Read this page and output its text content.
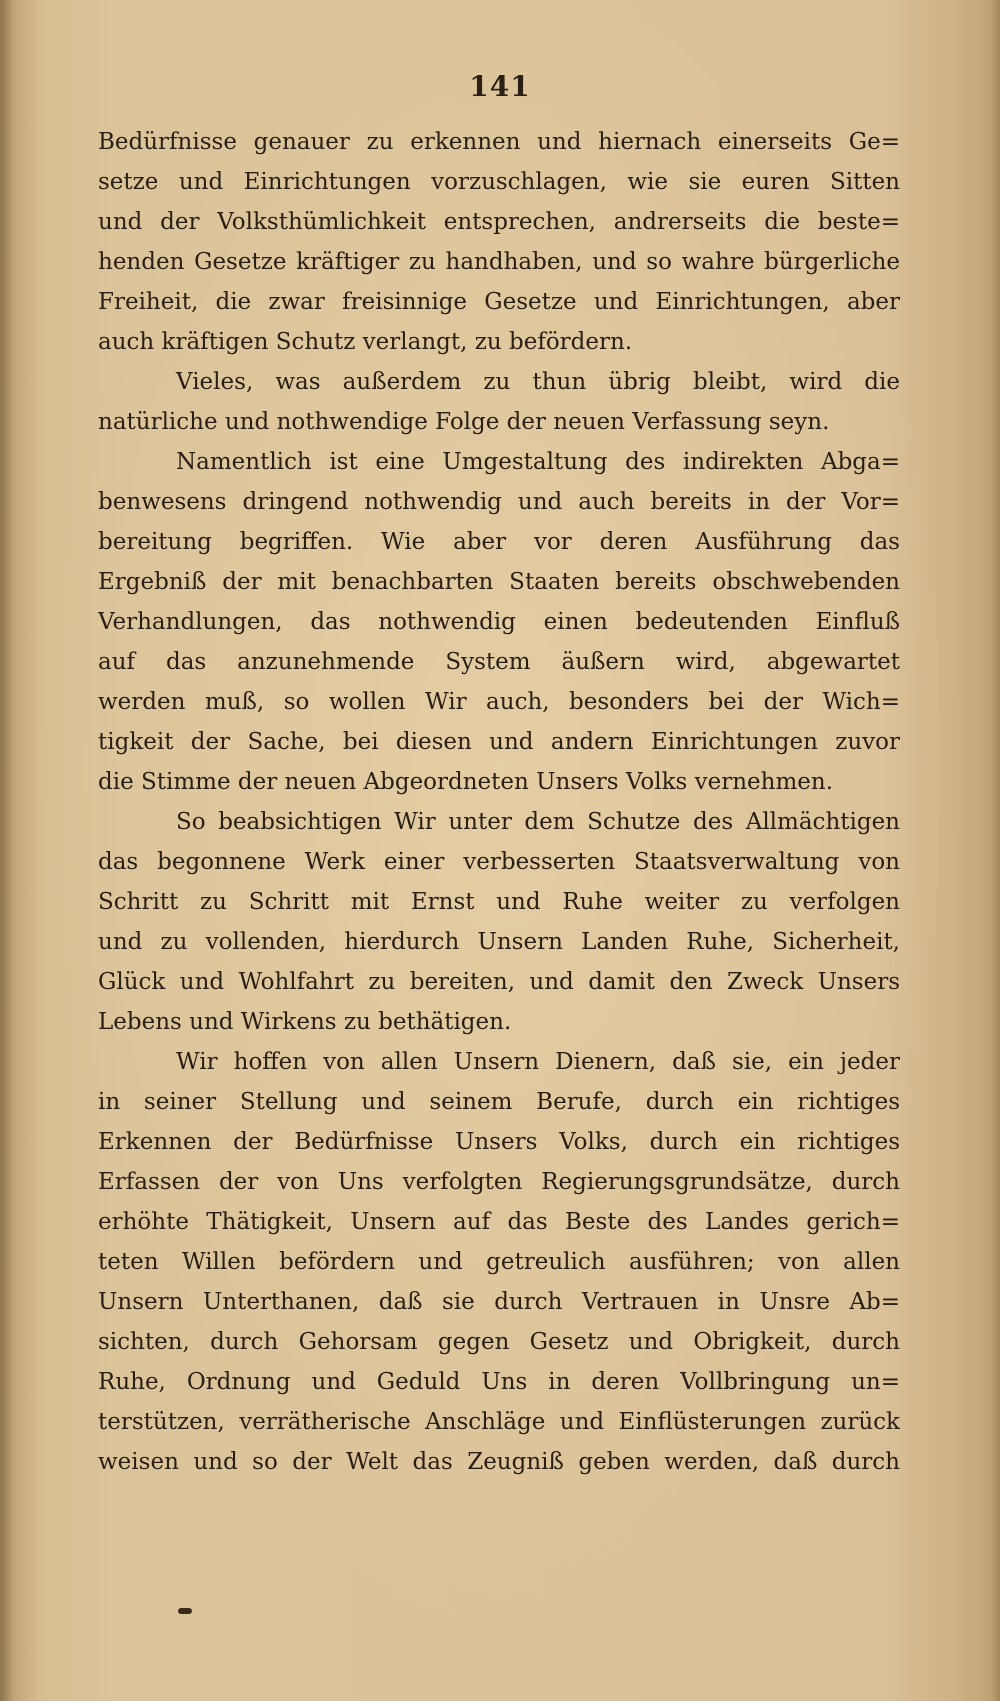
141
Bedürfnisse genauer zu erkennen und hiernach einerseits Ge=
setze und Einrichtungen vorzuschlagen, wie sie euren Sitten
und der Volksthümlichkeit entsprechen, andrerseits die beste=
henden Gesetze kräftiger zu handhaben, und so wahre bürgerliche
Freiheit, die zwar freisinnige Gesetze und Einrichtungen, aber
auch kräftigen Schutz verlangt, zu befördern.
Vieles, was außerdem zu thun übrig bleibt, wird die
natürliche und nothwendige Folge der neuen Verfassung seyn.
Namentlich ist eine Umgestaltung des indirekten Abga=
benwesens dringend nothwendig und auch bereits in der Vor=
bereitung begriffen. Wie aber vor deren Ausführung das
Ergebniß der mit benachbarten Staaten bereits obschwebenden
Verhandlungen, das nothwendig einen bedeutenden Einfluß
auf das anzunehmende System äußern wird, abgewartet
werden muß, so wollen Wir auch, besonders bei der Wich=
tigkeit der Sache, bei diesen und andern Einrichtungen zuvor
die Stimme der neuen Abgeordneten Unsers Volks vernehmen.
So beabsichtigen Wir unter dem Schutze des Allmächtigen
das begonnene Werk einer verbesserten Staatsverwaltung von
Schritt zu Schritt mit Ernst und Ruhe weiter zu verfolgen
und zu vollenden, hierdurch Unsern Landen Ruhe, Sicherheit,
Glück und Wohlfahrt zu bereiten, und damit den Zweck Unsers
Lebens und Wirkens zu bethätigen.
Wir hoffen von allen Unsern Dienern, daß sie, ein jeder
in seiner Stellung und seinem Berufe, durch ein richtiges
Erkennen der Bedürfnisse Unsers Volks, durch ein richtiges
Erfassen der von Uns verfolgten Regierungsgrundsätze, durch
erhöhte Thätigkeit, Unsern auf das Beste des Landes gerich=
teten Willen befördern und getreulich ausführen; von allen
Unsern Unterthanen, daß sie durch Vertrauen in Unsre Ab=
sichten, durch Gehorsam gegen Gesetz und Obrigkeit, durch
Ruhe, Ordnung und Geduld Uns in deren Vollbringung un=
terstützen, verrätherische Anschläge und Einflüsterungen zurück
weisen und so der Welt das Zeugniß geben werden, daß durch
